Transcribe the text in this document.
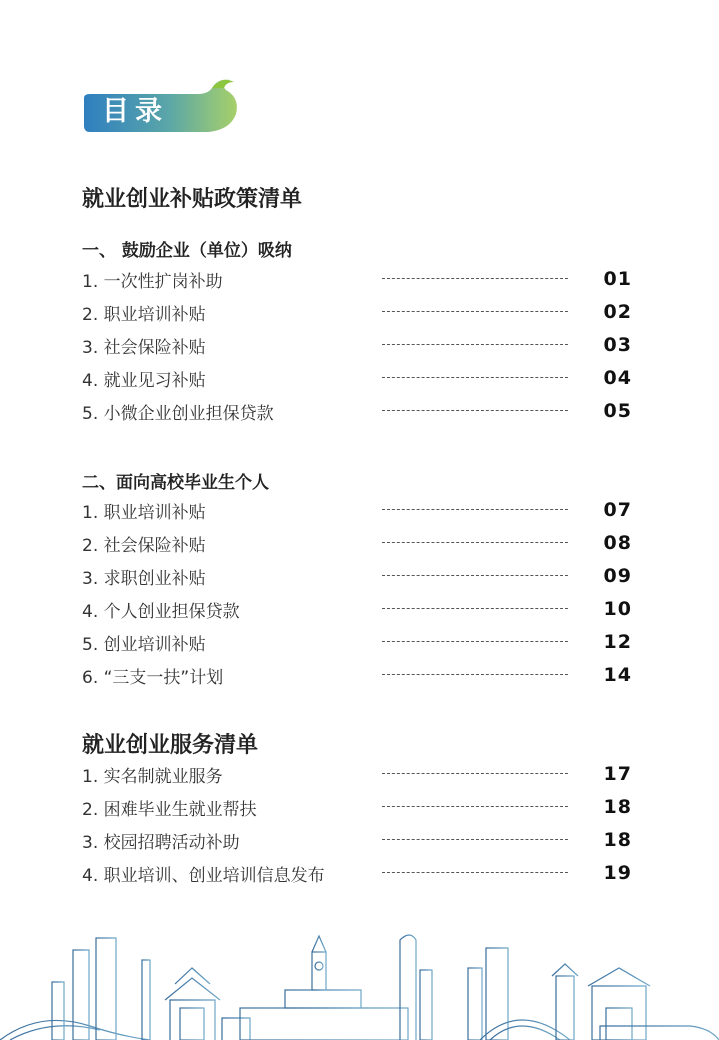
目录
就业创业补贴政策清单
一、 鼓励企业（单位）吸纳
1. 一次性扩岗补助	01
2. 职业培训补贴	02
3. 社会保险补贴	03
4. 就业见习补贴	04
5. 小微企业创业担保贷款	05
二、面向高校毕业生个人
1. 职业培训补贴	07
2. 社会保险补贴	08
3. 求职创业补贴	09
4. 个人创业担保贷款	10
5. 创业培训补贴	12
6. “三支一扶”计划	14
就业创业服务清单
1. 实名制就业服务	17
2. 困难毕业生就业帮扶	18
3. 校园招聘活动补助	18
4. 职业培训、创业培训信息发布	19
